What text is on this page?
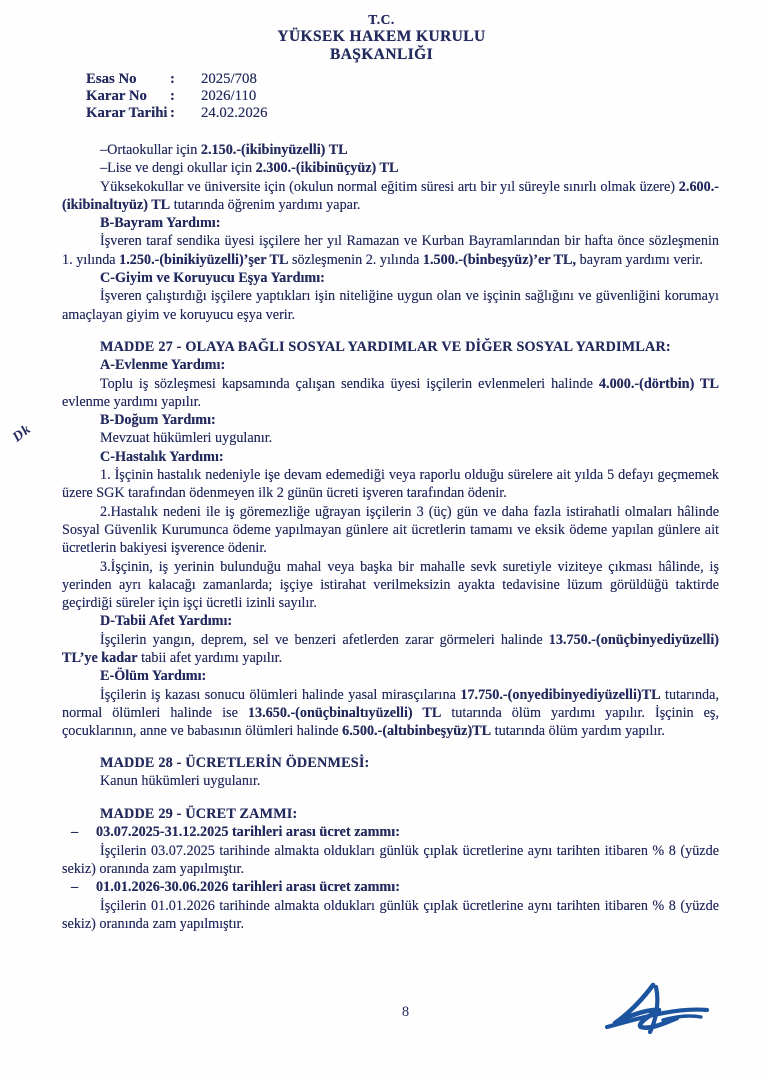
T.C.
YÜKSEK HAKEM KURULU
BAŞKANLIĞI
Esas No	: 2025/708
Karar No	: 2026/110
Karar Tarihi : 24.02.2026
–Ortaokullar için 2.150.-(ikibinyüzelli) TL
–Lise ve dengi okullar için 2.300.-(ikibinüçyüz) TL
Yüksekokullar ve üniversite için (okulun normal eğitim süresi artı bir yıl süreyle sınırlı olmak üzere) 2.600.-(ikibinaltıyüz) TL tutarında öğrenim yardımı yapar.
B-Bayram Yardımı:
İşveren taraf sendika üyesi işçilere her yıl Ramazan ve Kurban Bayramlarından bir hafta önce sözleşmenin 1. yılında 1.250.-(binikiyüzelli)’şer TL sözleşmenin 2. yılında 1.500.-(binbeşyüz)’er TL, bayram yardımı verir.
C-Giyim ve Koruyucu Eşya Yardımı:
İşveren çalıştırdığı işçilere yaptıkları işin niteliğine uygun olan ve işçinin sağlığını ve güvenliğini korumayı amaçlayan giyim ve koruyucu eşya verir.
MADDE 27 - OLAYA BAĞLI SOSYAL YARDIMLAR VE DİĞER SOSYAL YARDIMLAR:
A-Evlenme Yardımı:
Toplu iş sözleşmesi kapsamında çalışan sendika üyesi işçilerin evlenmeleri halinde 4.000.-(dörtbin) TL evlenme yardımı yapılır.
B-Doğum Yardımı:
Mevzuat hükümleri uygulanır.
C-Hastalık Yardımı:
1. İşçinin hastalık nedeniyle işe devam edemediği veya raporlu olduğu sürelere ait yılda 5 defayı geçmemek üzere SGK tarafından ödenmeyen ilk 2 günün ücreti işveren tarafından ödenir.
2.Hastalık nedeni ile iş göremezliğe uğrayan işçilerin 3 (üç) gün ve daha fazla istirahatli olmaları hâlinde Sosyal Güvenlik Kurumunca ödeme yapılmayan günlere ait ücretlerin tamamı ve eksik ödeme yapılan günlere ait ücretlerin bakiyesi işverence ödenir.
3.İşçinin, iş yerinin bulunduğu mahal veya başka bir mahalle sevk suretiyle viziteye çıkması hâlinde, iş yerinden ayrı kalacağı zamanlarda; işçiye istirahat verilmeksizin ayakta tedavisine lüzum görüldüğü taktirde geçirdiği süreler için işçi ücretli izinli sayılır.
D-Tabii Afet Yardımı:
İşçilerin yangın, deprem, sel ve benzeri afetlerden zarar görmeleri halinde 13.750.-(onüçbinyediyüzelli) TL’ye kadar tabii afet yardımı yapılır.
E-Ölüm Yardımı:
İşçilerin iş kazası sonucu ölümleri halinde yasal mirasçılarına 17.750.-(onyedibinyediyüzelli)TL tutarında, normal ölümleri halinde ise 13.650.-(onüçbinaltıyüzelli) TL tutarında ölüm yardımı yapılır. İşçinin eş, çocuklarının, anne ve babasının ölümleri halinde 6.500.-(altıbinbeşyüz)TL tutarında ölüm yardım yapılır.
MADDE 28 - ÜCRETLERİN ÖDENMESİ:
Kanun hükümleri uygulanır.
MADDE 29 - ÜCRET ZAMMI:
– 03.07.2025-31.12.2025 tarihleri arası ücret zammı:
İşçilerin 03.07.2025 tarihinde almakta oldukları günlük çıplak ücretlerine aynı tarihten itibaren % 8 (yüzde sekiz) oranında zam yapılmıştır.
– 01.01.2026-30.06.2026 tarihleri arası ücret zammı:
İşçilerin 01.01.2026 tarihinde almakta oldukları günlük çıplak ücretlerine aynı tarihten itibaren % 8 (yüzde sekiz) oranında zam yapılmıştır.
Dk
8
